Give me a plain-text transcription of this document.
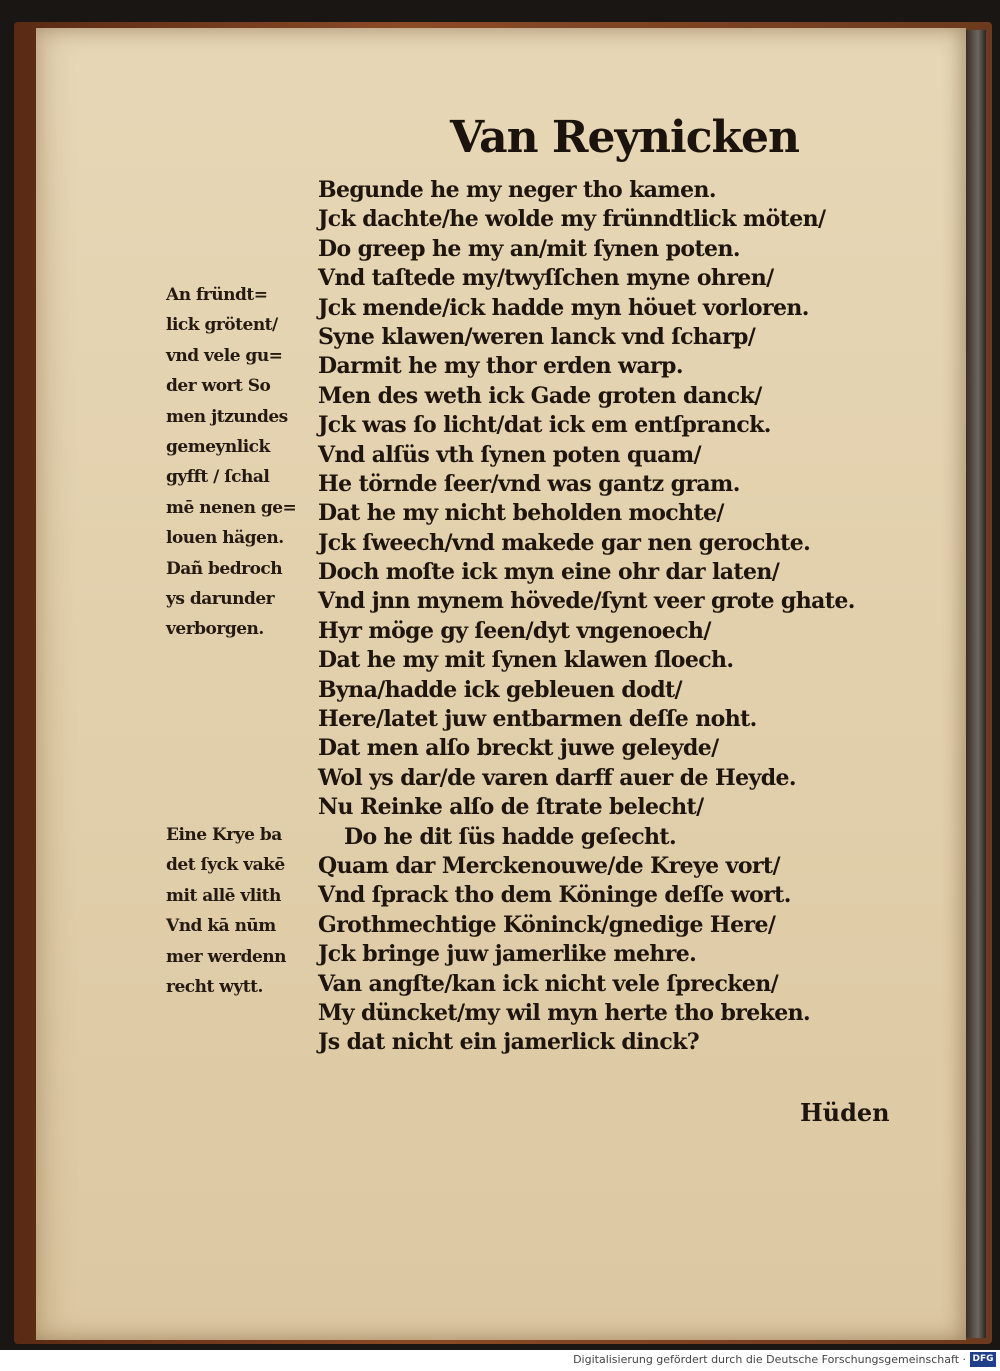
Van Reynicken
Begunde he my neger tho kamen.
Jck dachte/he wolde my frünndtlick möten/
Do greep he my an/mit ſynen poten.
Vnd taſtede my/twyſſchen myne ohren/
Jck mende/ick hadde myn höuet vorloren.
Syne klawen/weren lanck vnd ſcharp/
Darmit he my thor erden warp.
Men des weth ick Gade groten danck/
Jck was ſo licht/dat ick em entſpranck.
Vnd alſüs vth ſynen poten quam/
He törnde ſeer/vnd was gantz gram.
Dat he my nicht beholden mochte/
Jck ſweech/vnd makede gar nen gerochte.
Doch moſte ick myn eine ohr dar laten/
Vnd jnn mynem hövede/ſynt veer grote ghate.
Hyr möge gy ſeen/dyt vngenoech/
Dat he my mit ſynen klawen ſloech.
Byna/hadde ick gebleuen dodt/
Here/latet juw entbarmen deſſe noht.
Dat men alſo breckt juwe geleyde/
Wol ys dar/de varen darff auer de Heyde.
Nu Reinke alſo de ſtrate belecht/
Do he dit ſüs hadde geſecht.
Quam dar Merckenouwe/de Kreye vort/
Vnd ſprack tho dem Köninge deſſe wort.
Grothmechtige Köninck/gnedige Here/
Jck bringe juw jamerlike mehre.
Van angſte/kan ick nicht vele ſprecken/
My düncket/my wil myn herte tho breken.
Js dat nicht ein jamerlick dinck?
An fründt=
lick grötent/
vnd vele gu=
der wort So
men jtzundes
gemeynlick
gyfft / ſchal
mē nenen ge=
louen hägen.
Dañ bedroch
ys darunder
verborgen.
Eine Krye ba
det ſyck vakē
mit allē vlith
Vnd kā nūm
mer werdenn
recht wytt.
Hüden
Digitalisierung gefördert durch die Deutsche Forschungsgemeinschaft · DFG
